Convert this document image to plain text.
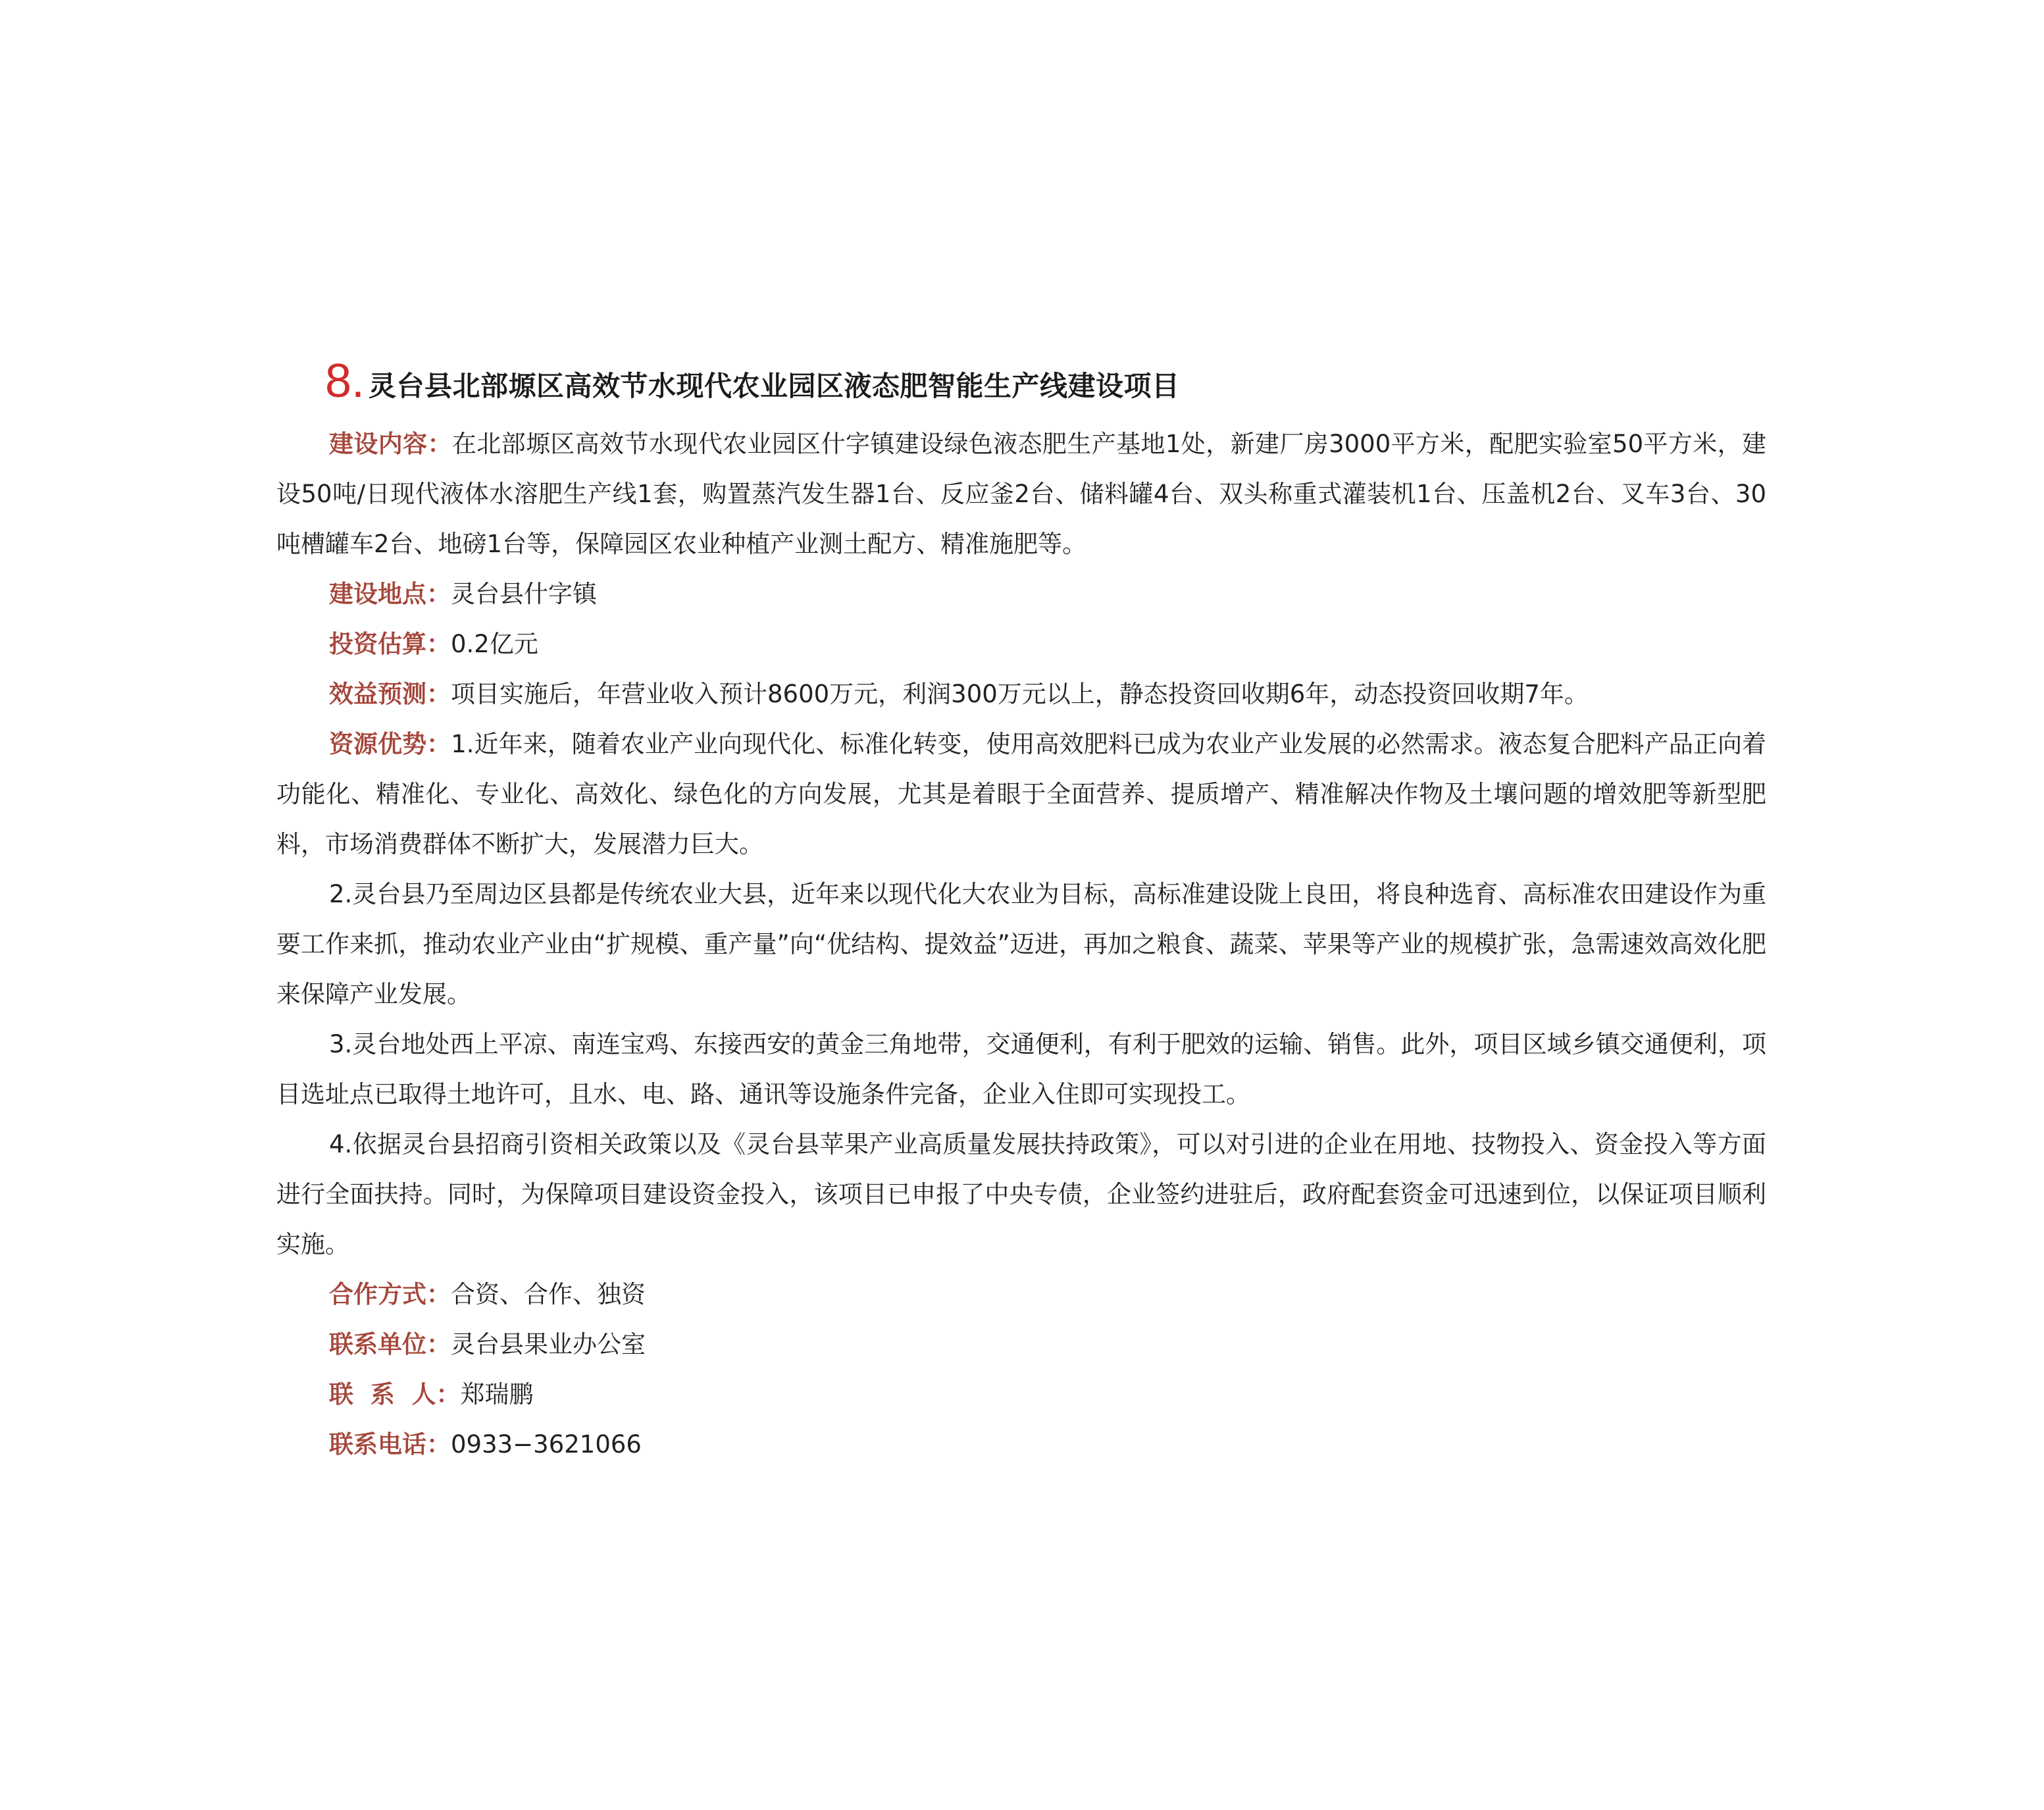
8. 灵台县北部塬区高效节水现代农业园区液态肥智能生产线建设项目

建设内容：在北部塬区高效节水现代农业园区什字镇建设绿色液态肥生产基地1处，新建厂房3000平方米，配肥实验室50平方米，建设50吨/日现代液体水溶肥生产线1套，购置蒸汽发生器1台、反应釜2台、储料罐4台、双头称重式灌装机1台、压盖机2台、叉车3台、30吨槽罐车2台、地磅1台等，保障园区农业种植产业测土配方、精准施肥等。

建设地点：灵台县什字镇

投资估算：0.2亿元

效益预测：项目实施后，年营业收入预计8600万元，利润300万元以上，静态投资回收期6年，动态投资回收期7年。

资源优势：1.近年来，随着农业产业向现代化、标准化转变，使用高效肥料已成为农业产业发展的必然需求。液态复合肥料产品正向着功能化、精准化、专业化、高效化、绿色化的方向发展，尤其是着眼于全面营养、提质增产、精准解决作物及土壤问题的增效肥等新型肥料，市场消费群体不断扩大，发展潜力巨大。

2.灵台县乃至周边区县都是传统农业大县，近年来以现代化大农业为目标，高标准建设陇上良田，将良种选育、高标准农田建设作为重要工作来抓，推动农业产业由“扩规模、重产量”向“优结构、提效益”迈进，再加之粮食、蔬菜、苹果等产业的规模扩张，急需速效高效化肥来保障产业发展。

3.灵台地处西上平凉、南连宝鸡、东接西安的黄金三角地带，交通便利，有利于肥效的运输、销售。此外，项目区域乡镇交通便利，项目选址点已取得土地许可，且水、电、路、通讯等设施条件完备，企业入住即可实现投工。

4.依据灵台县招商引资相关政策以及《灵台县苹果产业高质量发展扶持政策》，可以对引进的企业在用地、技物投入、资金投入等方面进行全面扶持。同时，为保障项目建设资金投入，该项目已申报了中央专债，企业签约进驻后，政府配套资金可迅速到位，以保证项目顺利实施。

合作方式：合资、合作、独资

联系单位：灵台县果业办公室

联  系  人：郑瑞鹏

联系电话：0933−3621066
